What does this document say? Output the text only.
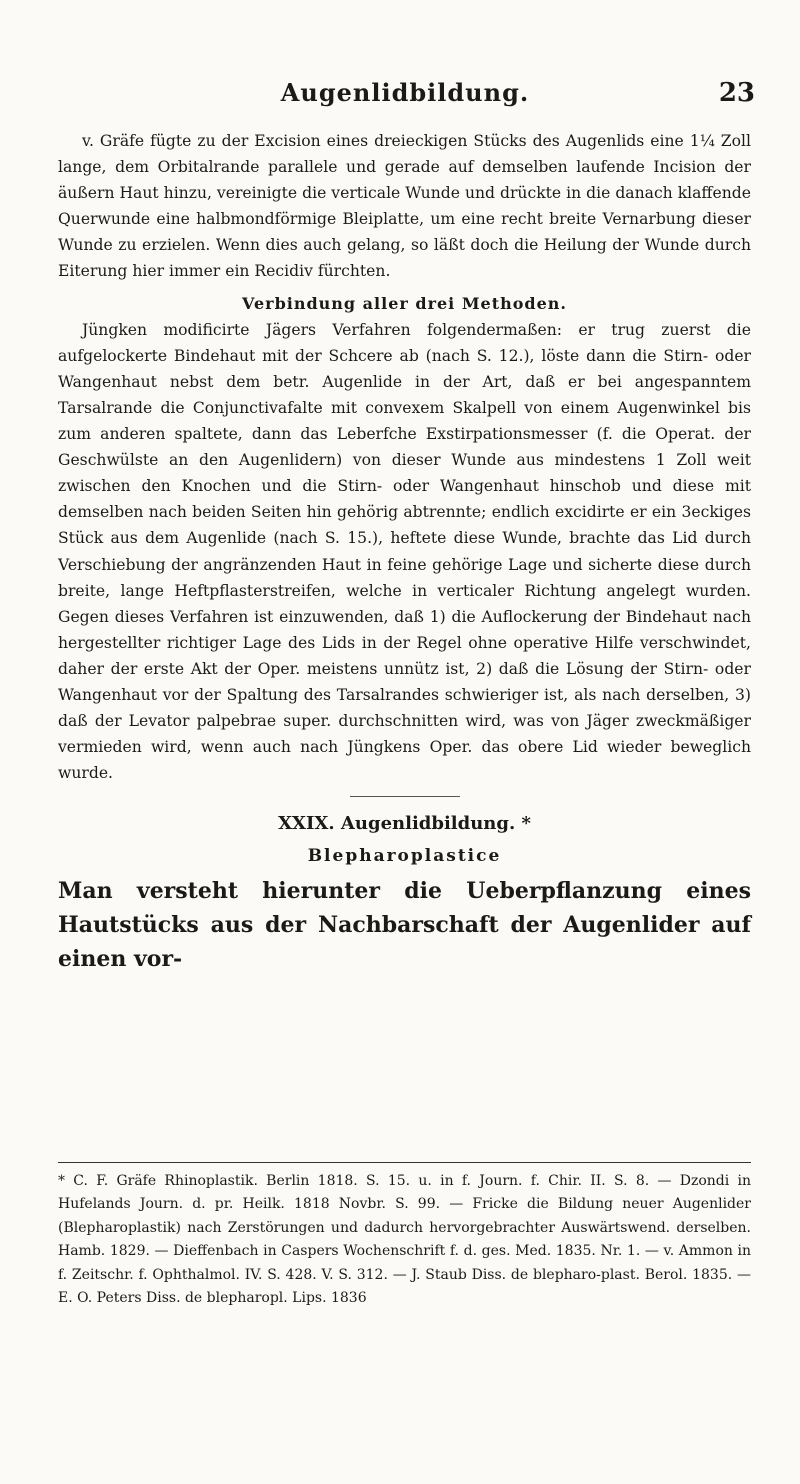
Augenlidbildung.	23

v. Gräfe fügte zu der Excision eines dreieckigen Stücks des Augenlids eine 1¼ Zoll lange, dem Orbitalrande parallele und gerade auf demselben laufende Incision der äußern Haut hinzu, vereinigte die verticale Wunde und drückte in die danach klaffende Querwunde eine halbmondförmige Bleiplatte, um eine recht breite Vernarbung dieser Wunde zu erzielen. Wenn dies auch gelang, so läßt doch die Heilung der Wunde durch Eiterung hier immer ein Recidiv fürchten.

Verbindung aller drei Methoden.

Jüngken modificirte Jägers Verfahren folgendermaßen: er trug zuerst die aufgelockerte Bindehaut mit der Schcere ab (nach S. 12.), löste dann die Stirn- oder Wangenhaut nebst dem betr. Augenlide in der Art, daß er bei angespanntem Tarsalrande die Conjunctivafalte mit convexem Skalpell von einem Augenwinkel bis zum anderen spaltete, dann das Leberfche Exstirpationsmesser (f. die Operat. der Geschwülste an den Augenlidern) von dieser Wunde aus mindestens 1 Zoll weit zwischen den Knochen und die Stirn- oder Wangenhaut hinschob und diese mit demselben nach beiden Seiten hin gehörig abtrennte; endlich excidirte er ein 3eckiges Stück aus dem Augenlide (nach S. 15.), heftete diese Wunde, brachte das Lid durch Verschiebung der angränzenden Haut in feine gehörige Lage und sicherte diese durch breite, lange Heftpflasterstreifen, welche in verticaler Richtung angelegt wurden. Gegen dieses Verfahren ist einzuwenden, daß 1) die Auflockerung der Bindehaut nach hergestellter richtiger Lage des Lids in der Regel ohne operative Hilfe verschwindet, daher der erste Akt der Oper. meistens unnütz ist, 2) daß die Lösung der Stirn- oder Wangenhaut vor der Spaltung des Tarsalrandes schwieriger ist, als nach derselben, 3) daß der Levator palpebrae super. durchschnitten wird, was von Jäger zweckmäßiger vermieden wird, wenn auch nach Jüngkens Oper. das obere Lid wieder beweglich wurde.

XXIX. Augenlidbildung. *

Blepharoplastice

Man versteht hierunter die Ueberpflanzung eines Hautstücks aus der Nachbarschaft der Augenlider auf einen vor-

* C. F. Gräfe Rhinoplastik. Berlin 1818. S. 15. u. in f. Journ. f. Chir. II. S. 8. — Dzondi in Hufelands Journ. d. pr. Heilk. 1818 Novbr. S. 99. — Fricke die Bildung neuer Augenlider (Blepharoplastik) nach Zerstörungen und dadurch hervorgebrachter Auswärtswend. derselben. Hamb. 1829. — Dieffenbach in Caspers Wochenschrift f. d. ges. Med. 1835. Nr. 1. — v. Ammon in f. Zeitschr. f. Ophthalmol. IV. S. 428. V. S. 312. — J. Staub Diss. de blepharo-plast. Berol. 1835. — E. O. Peters Diss. de blepharopl. Lips. 1836
